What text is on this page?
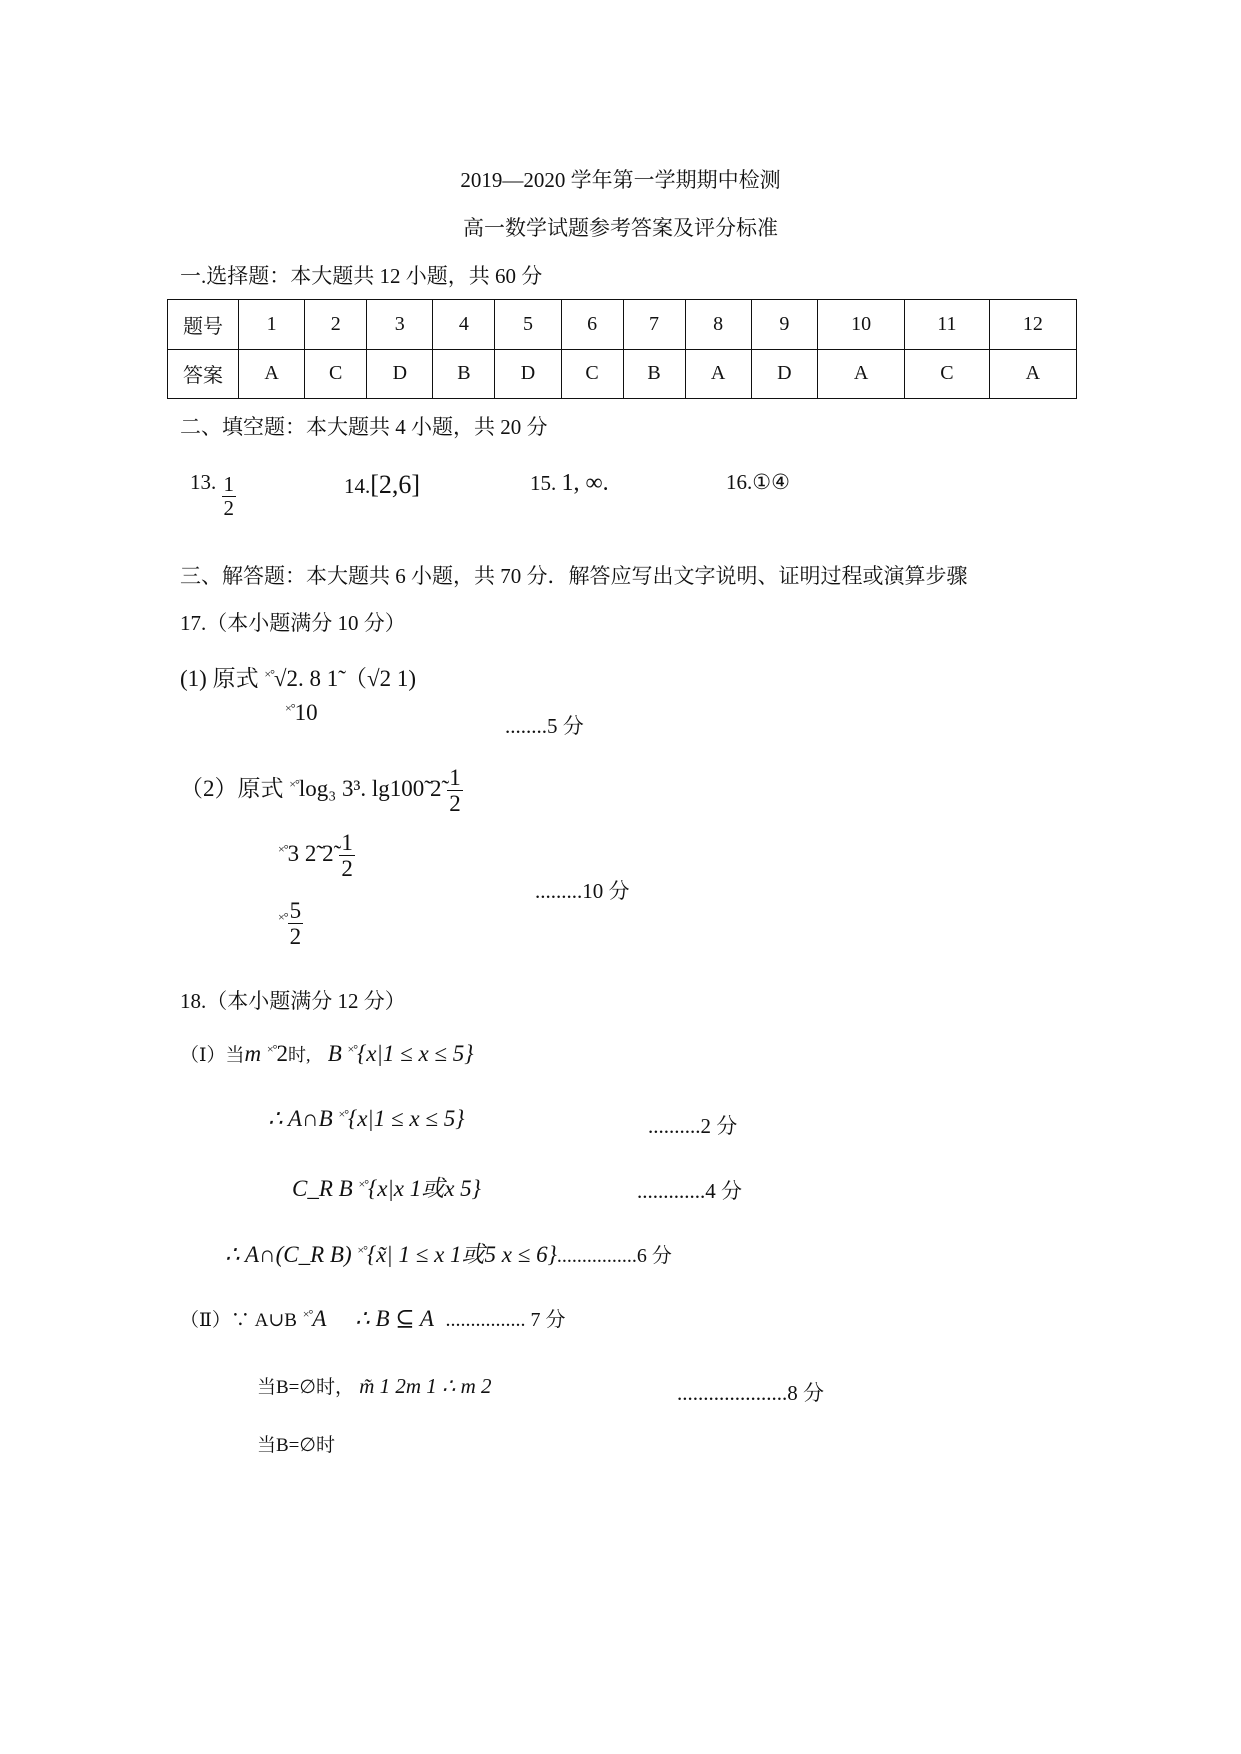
2019—2020 学年第一学期期中检测
高一数学试题参考答案及评分标准
一.选择题：本大题共 12 小题，共 60 分
题号	1	2	3	4	5	6	7	8	9	10	11	12
答案	A	C	D	B	D	C	B	A	D	A	C	A
二、填空题：本大题共 4 小题，共 20 分
13. $\frac{1}{2}$	14.[2,6]	15. 1, ∞.	16.①④
三、解答题：本大题共 6 小题，共 70 分．解答应写出文字说明、证明过程或演算步骤
17.（本小题满分 10 分）
(1) 原式 ×°√2. 8 1̃ （√2 1)
×°10
........5 分
（2）原式 ×°log₃ 3³. lg100̃ 2̃ $\frac{1}{2}$
×°3 2̃ 2̃ $\frac{1}{2}$
.........10 分
$^{\times^\circ} \frac{5}{2}$
18.（本小题满分 12 分）
（Ⅰ）当m ×°2时, B ×°{x|1 ≤ x ≤ 5}
∴ A∩B ×°{x|1 ≤ x ≤ 5}	..........2 分
C_R B ×°{x|x 1或x 5}	.............4 分
∴ A∩(C_R B) ×°{x̃| 1 ≤ x 1或5 x ≤ 6}................6 分
（Ⅱ）∵ A∪B ×°A ∴ B ⊆ A ................ 7 分
当B=∅时， m̃ 1 2m 1 ∴ m 2	.....................8 分
当B=∅时
